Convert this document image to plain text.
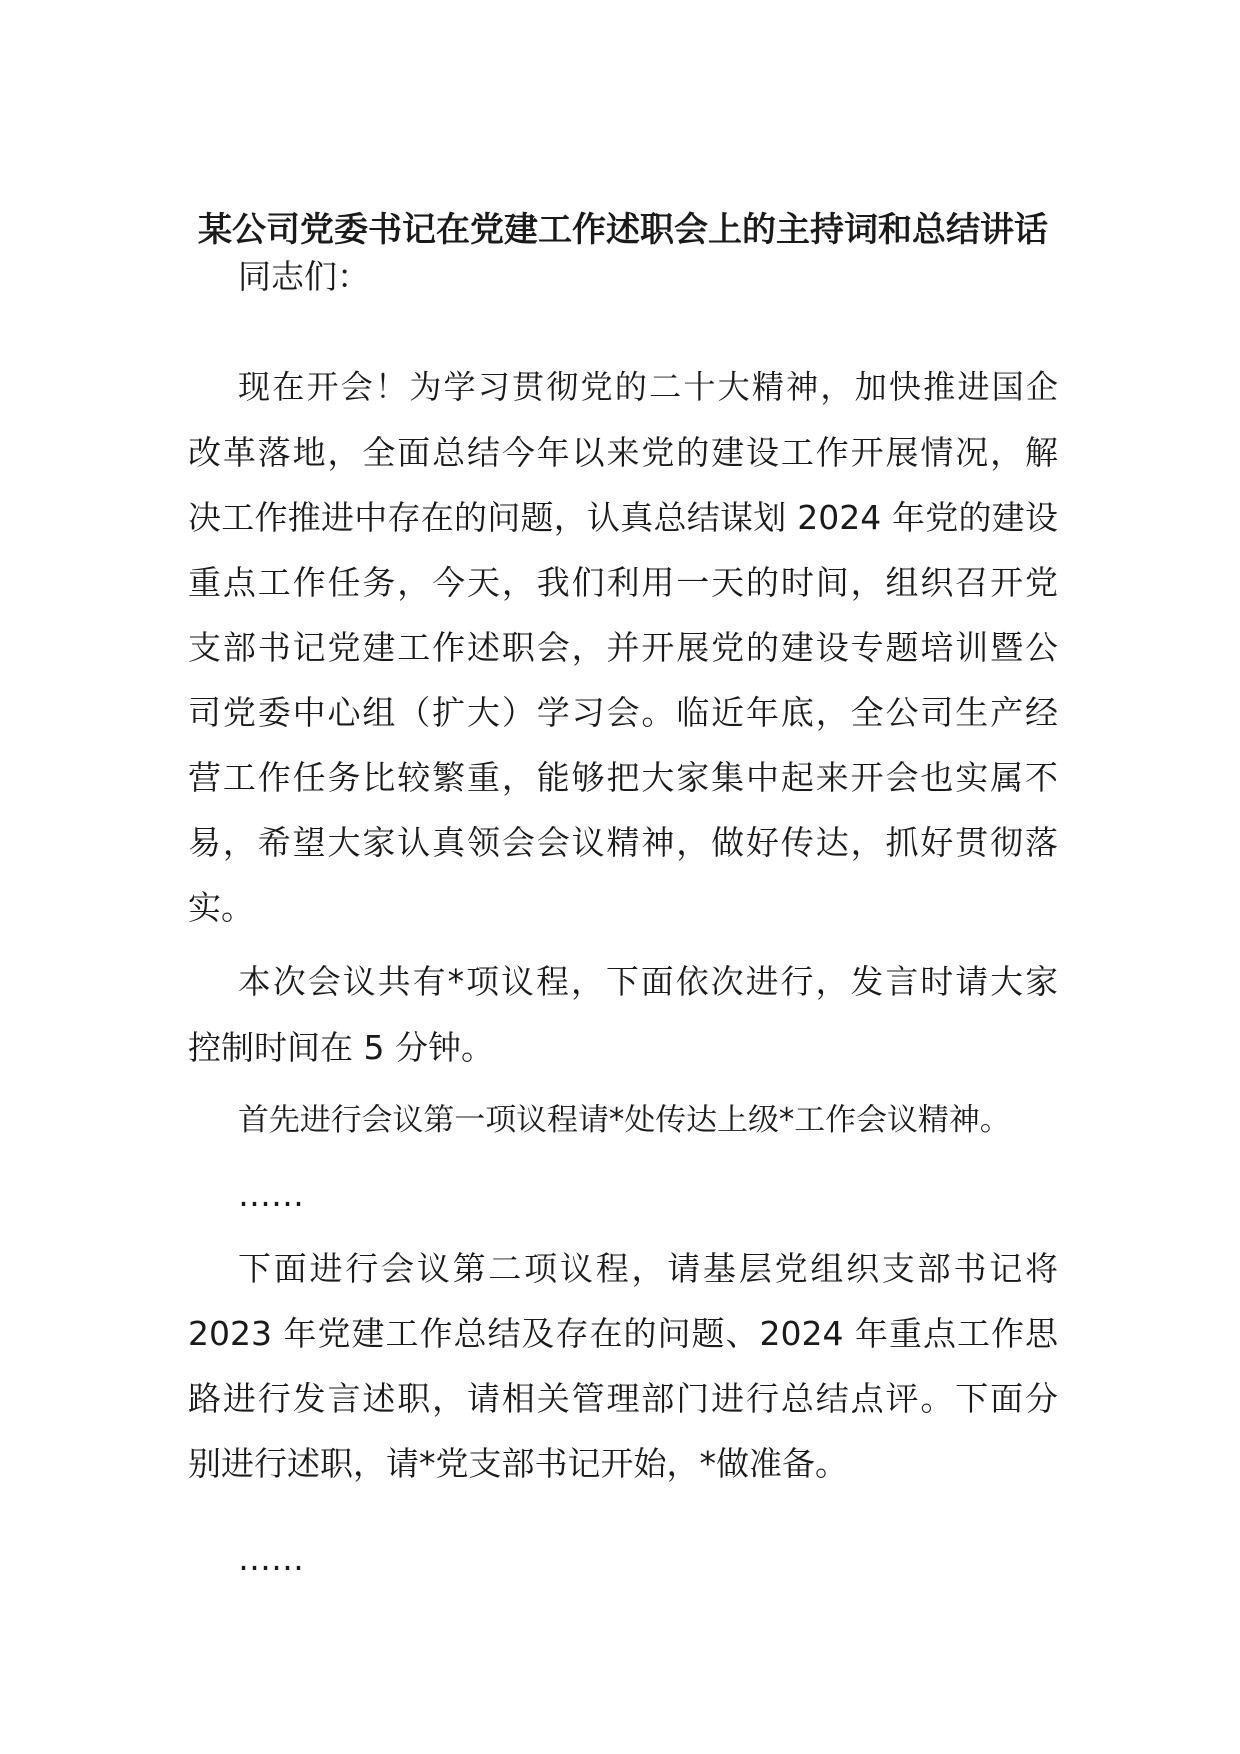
某公司党委书记在党建工作述职会上的主持词和总结讲话
同志们：
现在开会！为学习贯彻党的二十大精神，加快推进国企
改革落地，全面总结今年以来党的建设工作开展情况，解
决工作推进中存在的问题，认真总结谋划 2024 年党的建设
重点工作任务，今天，我们利用一天的时间，组织召开党
支部书记党建工作述职会，并开展党的建设专题培训暨公
司党委中心组（扩大）学习会。临近年底，全公司生产经
营工作任务比较繁重，能够把大家集中起来开会也实属不
易，希望大家认真领会会议精神，做好传达，抓好贯彻落
实。
本次会议共有*项议程，下面依次进行，发言时请大家
控制时间在 5 分钟。
首先进行会议第一项议程请*处传达上级*工作会议精神。
……
下面进行会议第二项议程，请基层党组织支部书记将
2023 年党建工作总结及存在的问题、2024 年重点工作思
路进行发言述职，请相关管理部门进行总结点评。下面分
别进行述职，请*党支部书记开始，*做准备。
……
